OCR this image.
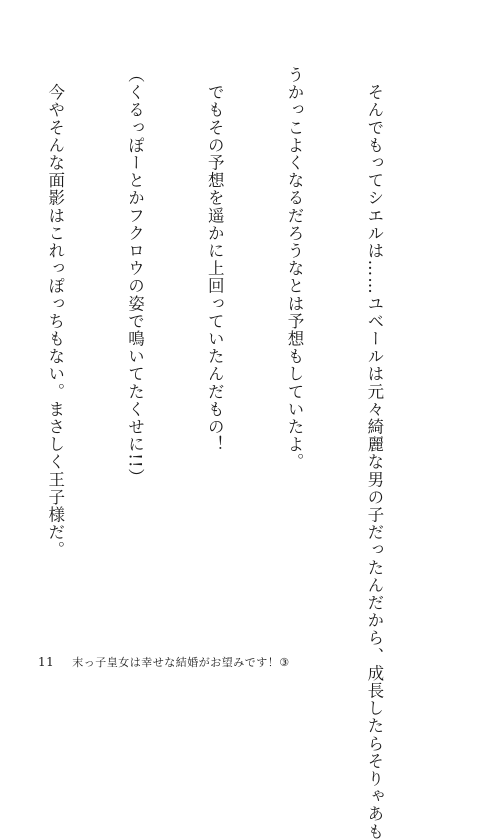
　そんでもってシエルは……ユベールは元々綺麗な男の子だったんだから、成長したらそりゃあも

うかっこよくなるだろうなとは予想もしていたよ。

　でもその予想を遥かに上回っていたんだもの！

（くるっぽーとかフクロウの姿で鳴いてたくせに!!）

　今やそんな面影はこれっぽっちもない。まさしく王子様だ。

11 末っ子皇女は幸せな結婚がお望みです！③
